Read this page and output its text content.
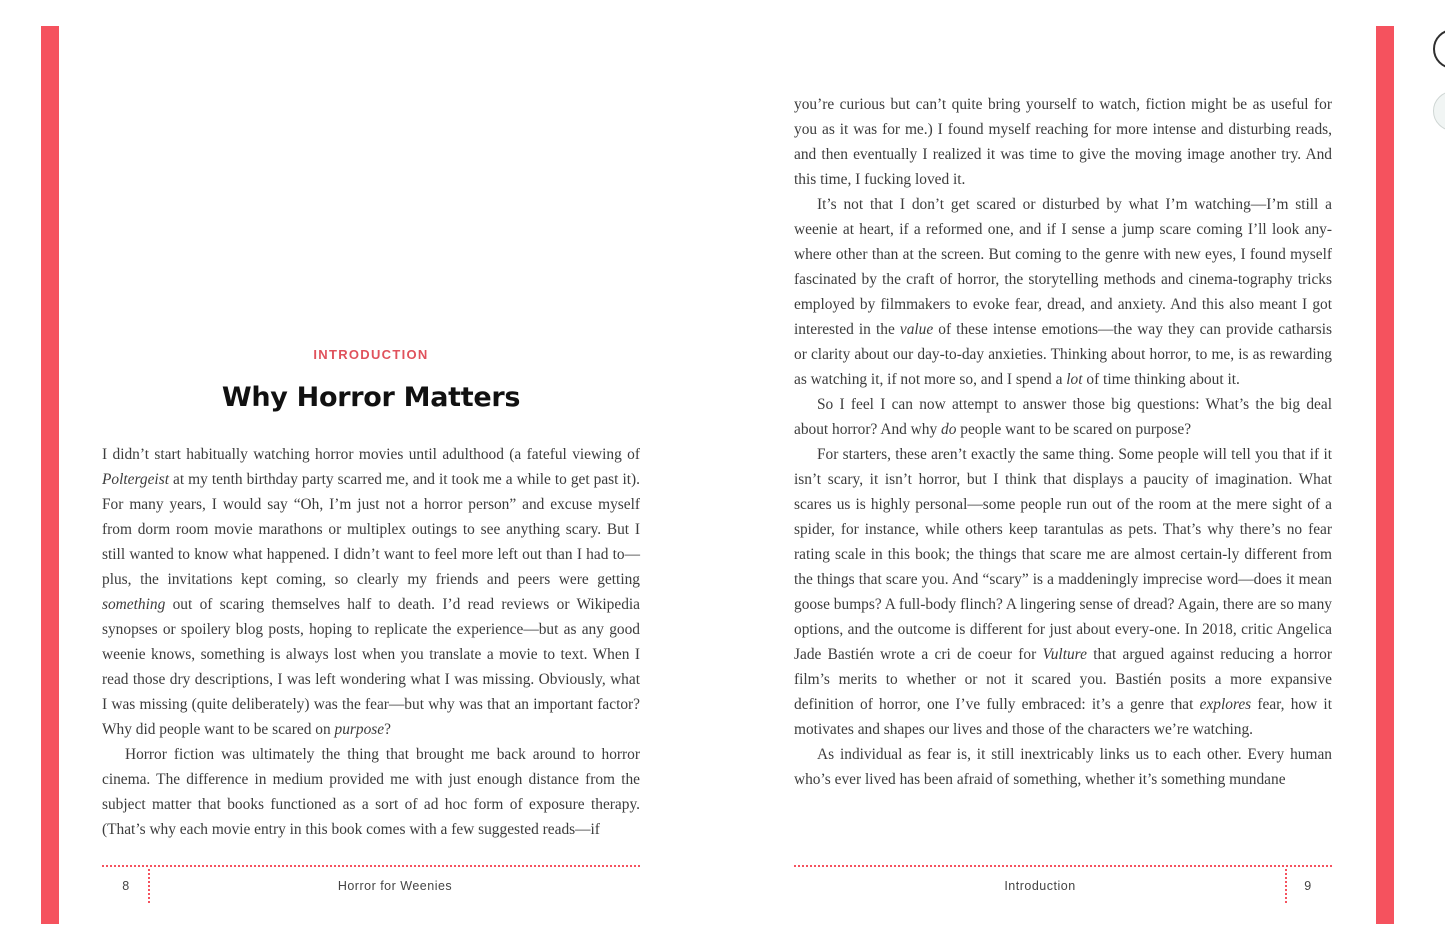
INTRODUCTION
Why Horror Matters

I didn’t start habitually watching horror movies until adulthood (a fateful viewing of Poltergeist at my tenth birthday party scarred me, and it took me a while to get past it). For many years, I would say “Oh, I’m just not a horror person” and excuse myself from dorm room movie marathons or multiplex outings to see anything scary. But I still wanted to know what happened. I didn’t want to feel more left out than I had to—plus, the invitations kept coming, so clearly my friends and peers were getting something out of scaring themselves half to death. I’d read reviews or Wikipedia synopses or spoilery blog posts, hoping to replicate the experience—but as any good weenie knows, something is always lost when you translate a movie to text. When I read those dry descriptions, I was left wondering what I was missing. Obviously, what I was missing (quite deliberately) was the fear—but why was that an important factor? Why did people want to be scared on purpose?

Horror fiction was ultimately the thing that brought me back around to horror cinema. The difference in medium provided me with just enough distance from the subject matter that books functioned as a sort of ad hoc form of exposure therapy. (That’s why each movie entry in this book comes with a few suggested reads—if

you’re curious but can’t quite bring yourself to watch, fiction might be as useful for you as it was for me.) I found myself reaching for more intense and disturbing reads, and then eventually I realized it was time to give the moving image another try. And this time, I fucking loved it.

It’s not that I don’t get scared or disturbed by what I’m watching—I’m still a weenie at heart, if a reformed one, and if I sense a jump scare coming I’ll look any-where other than at the screen. But coming to the genre with new eyes, I found myself fascinated by the craft of horror, the storytelling methods and cinema-tography tricks employed by filmmakers to evoke fear, dread, and anxiety. And this also meant I got interested in the value of these intense emotions—the way they can provide catharsis or clarity about our day-to-day anxieties. Thinking about horror, to me, is as rewarding as watching it, if not more so, and I spend a lot of time thinking about it.

So I feel I can now attempt to answer those big questions: What’s the big deal about horror? And why do people want to be scared on purpose?

For starters, these aren’t exactly the same thing. Some people will tell you that if it isn’t scary, it isn’t horror, but I think that displays a paucity of imagination. What scares us is highly personal—some people run out of the room at the mere sight of a spider, for instance, while others keep tarantulas as pets. That’s why there’s no fear rating scale in this book; the things that scare me are almost certain-ly different from the things that scare you. And “scary” is a maddeningly imprecise word—does it mean goose bumps? A full-body flinch? A lingering sense of dread? Again, there are so many options, and the outcome is different for just about every-one. In 2018, critic Angelica Jade Bastién wrote a cri de coeur for Vulture that argued against reducing a horror film’s merits to whether or not it scared you. Bastién posits a more expansive definition of horror, one I’ve fully embraced: it’s a genre that explores fear, how it motivates and shapes our lives and those of the characters we’re watching.

As individual as fear is, it still inextricably links us to each other. Every human who’s ever lived has been afraid of something, whether it’s something mundane

8	Horror for Weenies	Introduction	9
